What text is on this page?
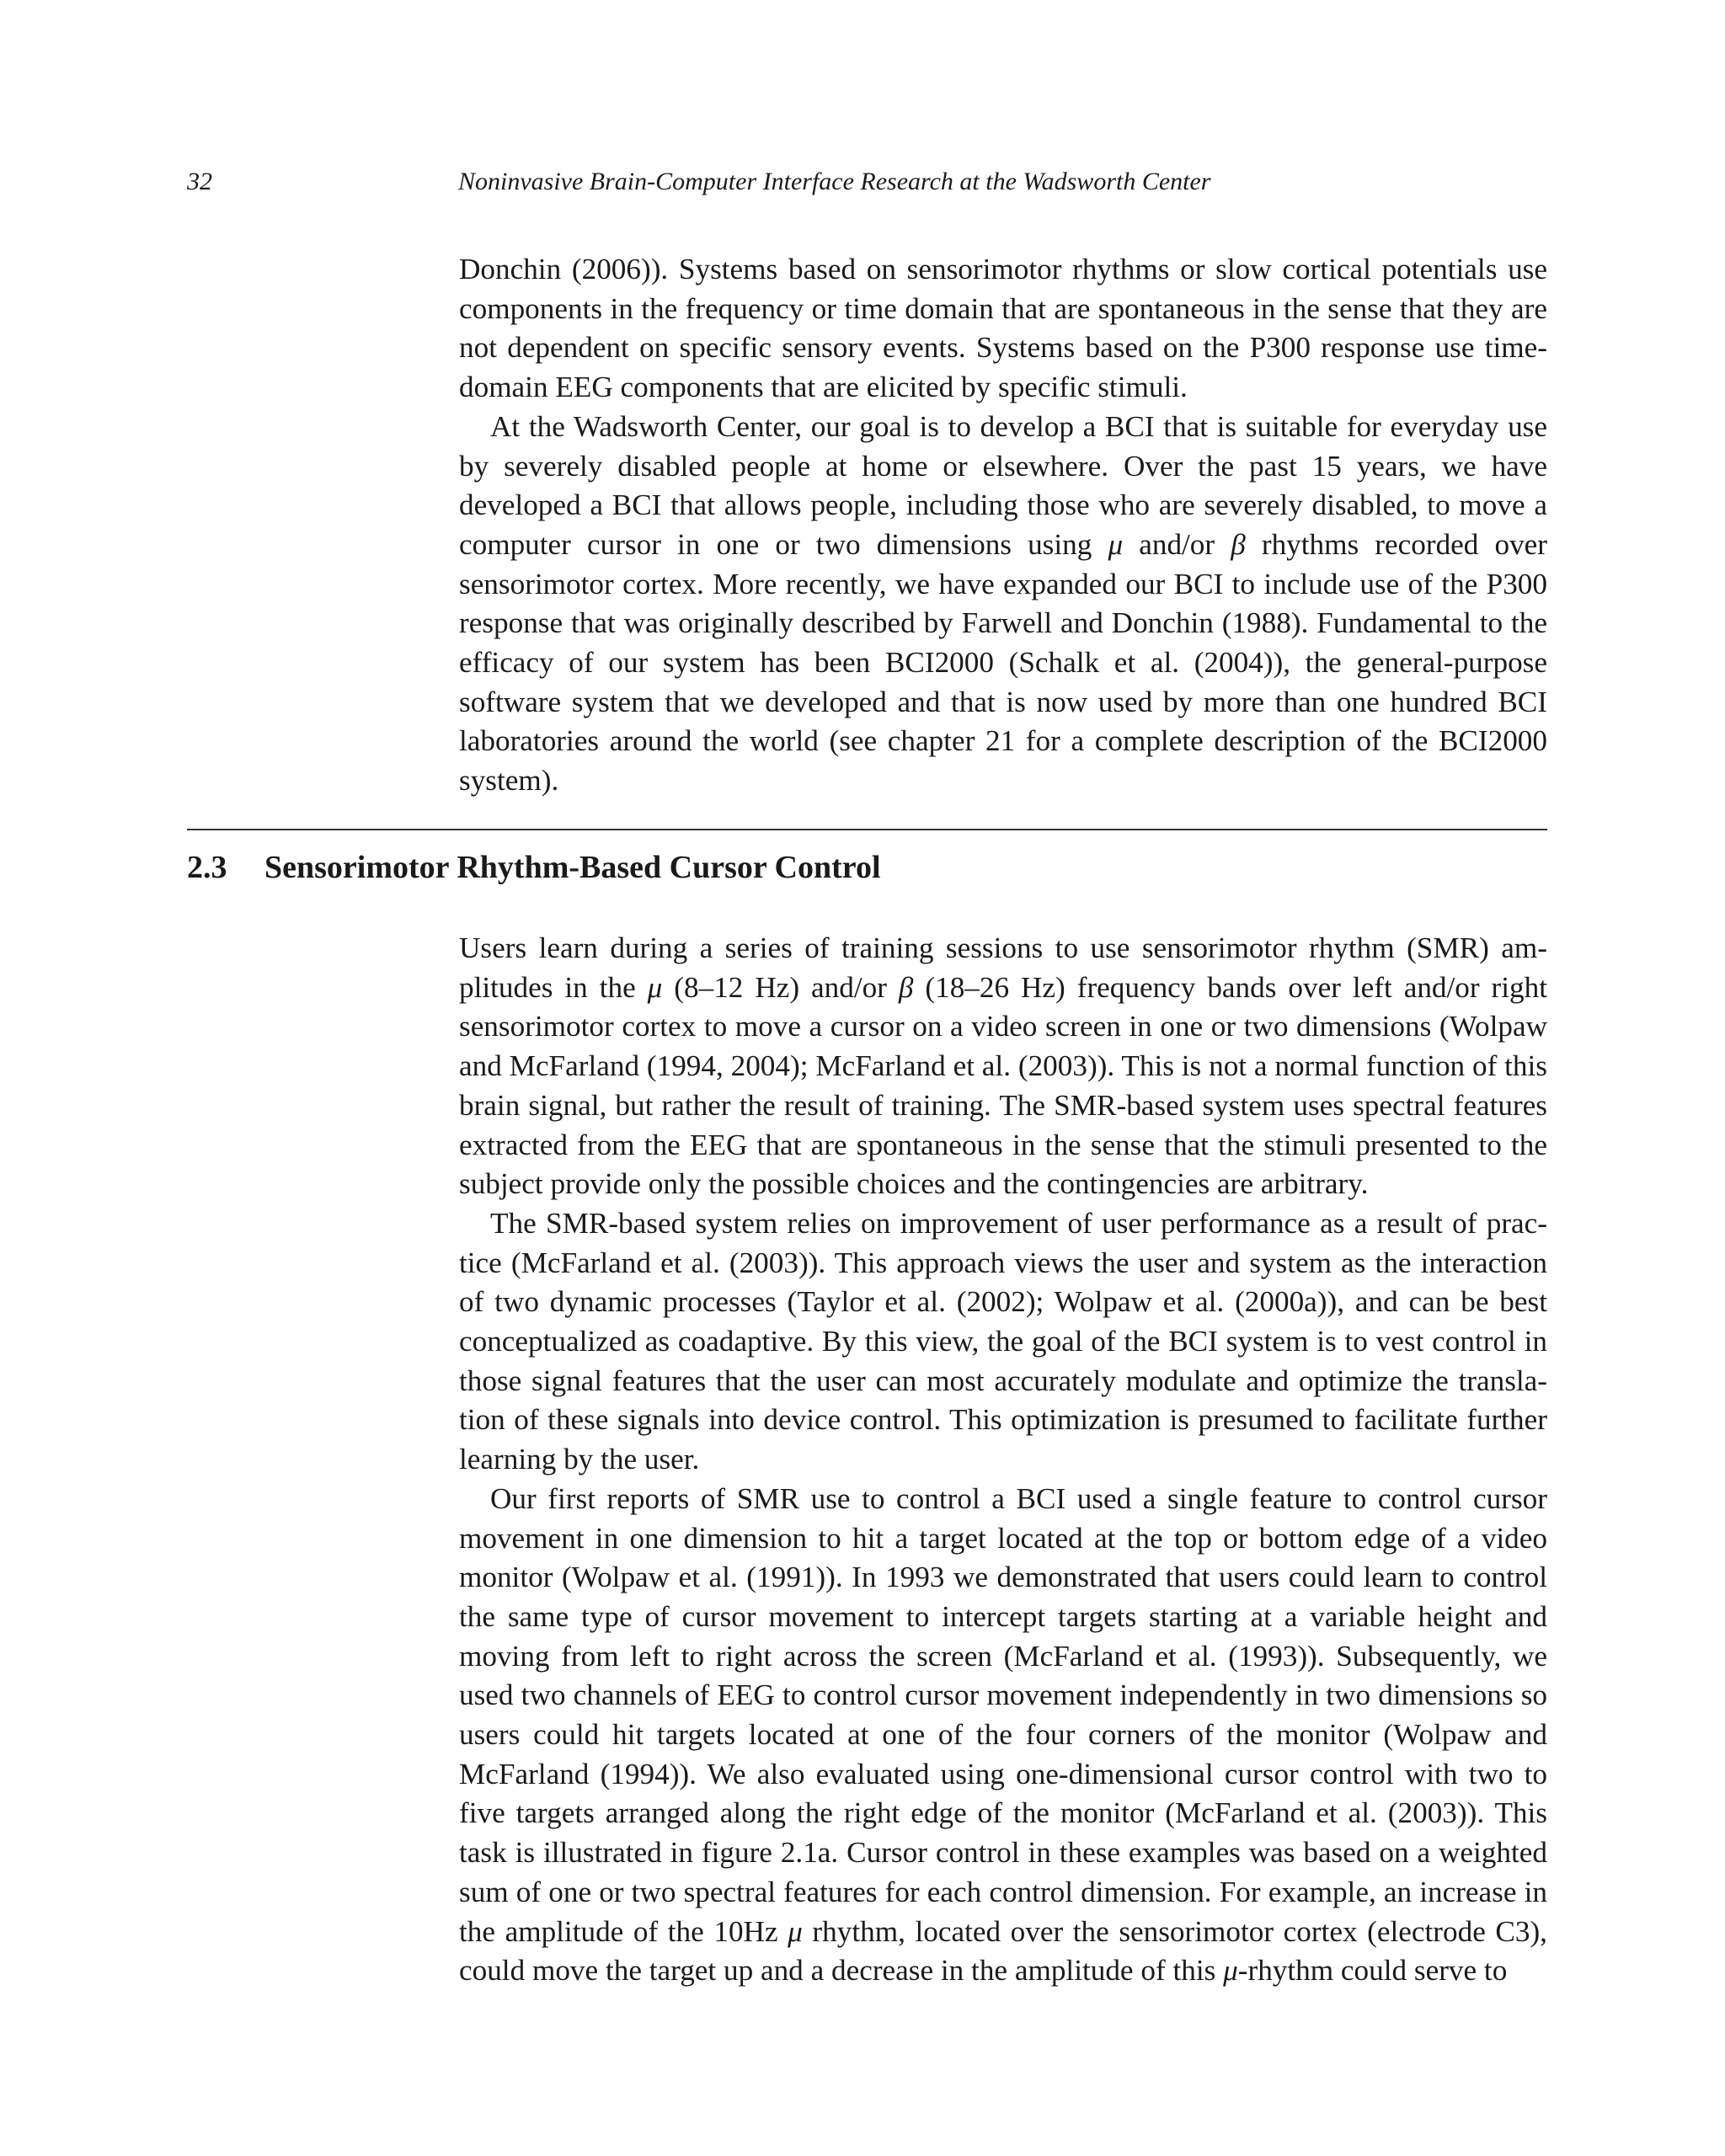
32	Noninvasive Brain-Computer Interface Research at the Wadsworth Center

Donchin (2006)). Systems based on sensorimotor rhythms or slow cortical potentials use components in the frequency or time domain that are spontaneous in the sense that they are not dependent on specific sensory events. Systems based on the P300 response use time-domain EEG components that are elicited by specific stimuli.

At the Wadsworth Center, our goal is to develop a BCI that is suitable for everyday use by severely disabled people at home or elsewhere. Over the past 15 years, we have developed a BCI that allows people, including those who are severely disabled, to move a computer cursor in one or two dimensions using μ and/or β rhythms recorded over sensorimotor cortex. More recently, we have expanded our BCI to include use of the P300 response that was originally described by Farwell and Donchin (1988). Fundamental to the efficacy of our system has been BCI2000 (Schalk et al. (2004)), the general-purpose software system that we developed and that is now used by more than one hundred BCI laboratories around the world (see chapter 21 for a complete description of the BCI2000 system).

2.3 Sensorimotor Rhythm-Based Cursor Control

Users learn during a series of training sessions to use sensorimotor rhythm (SMR) amplitudes in the μ (8–12 Hz) and/or β (18–26 Hz) frequency bands over left and/or right sensorimotor cortex to move a cursor on a video screen in one or two dimensions (Wolpaw and McFarland (1994, 2004); McFarland et al. (2003)). This is not a normal function of this brain signal, but rather the result of training. The SMR-based system uses spectral features extracted from the EEG that are spontaneous in the sense that the stimuli presented to the subject provide only the possible choices and the contingencies are arbitrary.

The SMR-based system relies on improvement of user performance as a result of practice (McFarland et al. (2003)). This approach views the user and system as the interaction of two dynamic processes (Taylor et al. (2002); Wolpaw et al. (2000a)), and can be best conceptualized as coadaptive. By this view, the goal of the BCI system is to vest control in those signal features that the user can most accurately modulate and optimize the translation of these signals into device control. This optimization is presumed to facilitate further learning by the user.

Our first reports of SMR use to control a BCI used a single feature to control cursor movement in one dimension to hit a target located at the top or bottom edge of a video monitor (Wolpaw et al. (1991)). In 1993 we demonstrated that users could learn to control the same type of cursor movement to intercept targets starting at a variable height and moving from left to right across the screen (McFarland et al. (1993)). Subsequently, we used two channels of EEG to control cursor movement independently in two dimensions so users could hit targets located at one of the four corners of the monitor (Wolpaw and McFarland (1994)). We also evaluated using one-dimensional cursor control with two to five targets arranged along the right edge of the monitor (McFarland et al. (2003)). This task is illustrated in figure 2.1a. Cursor control in these examples was based on a weighted sum of one or two spectral features for each control dimension. For example, an increase in the amplitude of the 10Hz μ rhythm, located over the sensorimotor cortex (electrode C3), could move the target up and a decrease in the amplitude of this μ-rhythm could serve to
